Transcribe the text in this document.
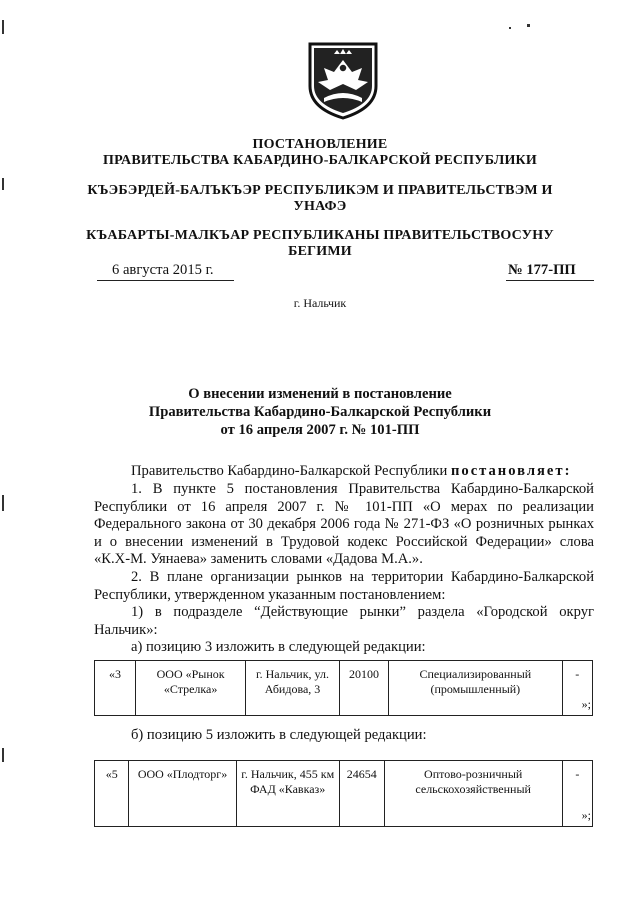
ПОСТАНОВЛЕНИЕ
ПРАВИТЕЛЬСТВА КАБАРДИНО-БАЛКАРСКОЙ РЕСПУБЛИКИ
КЪЭБЭРДЕЙ-БАЛЪКЪЭР РЕСПУБЛИКЭМ И ПРАВИТЕЛЬСТВЭМ И
УНАФЭ
КЪАБАРТЫ-МАЛКЪАР РЕСПУБЛИКАНЫ ПРАВИТЕЛЬСТВОСУНУ
БЕГИМИ
6 августа 2015 г.	№ 177-ПП
г. Нальчик
О внесении изменений в постановление
Правительства Кабардино-Балкарской Республики
от 16 апреля 2007 г. № 101-ПП
Правительство Кабардино-Балкарской Республики постановляет:
1. В пункте 5 постановления Правительства Кабардино-Балкарской Республики от 16 апреля 2007 г. № 101-ПП «О мерах по реализации Федерального закона от 30 декабря 2006 года № 271-ФЗ «О розничных рынках и о внесении изменений в Трудовой кодекс Российской Федерации» слова «К.Х-М. Уянаева» заменить словами «Дадова М.А.».
2. В плане организации рынков на территории Кабардино-Балкарской Республики, утвержденном указанным постановлением:
1) в подразделе “Действующие рынки” раздела «Городской округ Нальчик»:
а) позицию 3 изложить в следующей редакции:
«3	ООО «Рынок «Стрелка»	г. Нальчик, ул. Абидова, 3	20100	Специализированный (промышленный)	-
»;
б) позицию 5 изложить в следующей редакции:
«5	ООО «Плодторг»	г. Нальчик, 455 км ФАД «Кавказ»	24654	Оптово-розничный сельскохозяйственный	-
»;
